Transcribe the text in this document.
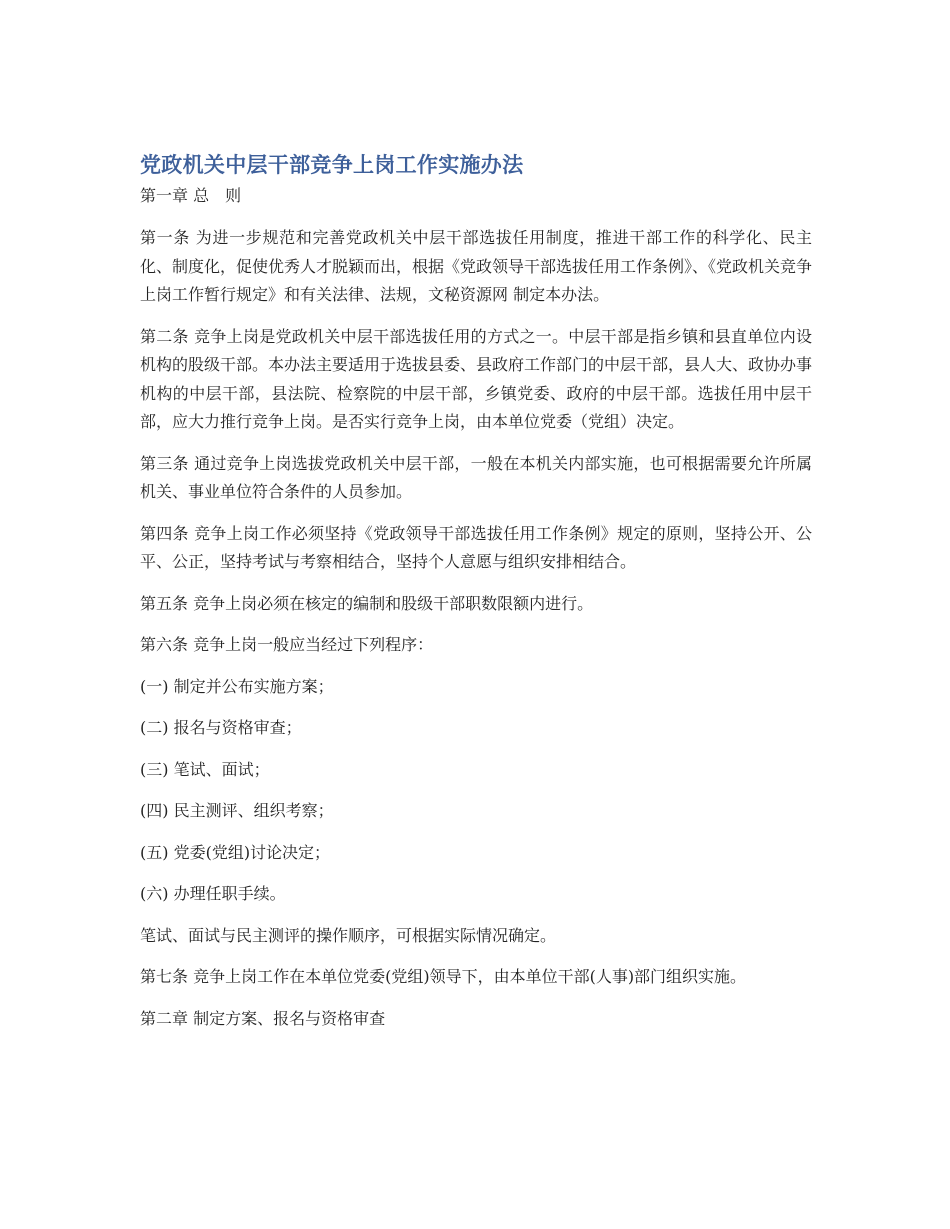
党政机关中层干部竞争上岗工作实施办法

第一章 总　则

第一条 为进一步规范和完善党政机关中层干部选拔任用制度，推进干部工作的科学化、民主化、制度化，促使优秀人才脱颖而出，根据《党政领导干部选拔任用工作条例》、《党政机关竞争上岗工作暂行规定》和有关法律、法规，文秘资源网 制定本办法。

第二条 竞争上岗是党政机关中层干部选拔任用的方式之一。中层干部是指乡镇和县直单位内设机构的股级干部。本办法主要适用于选拔县委、县政府工作部门的中层干部，县人大、政协办事机构的中层干部，县法院、检察院的中层干部，乡镇党委、政府的中层干部。选拔任用中层干部，应大力推行竞争上岗。是否实行竞争上岗，由本单位党委（党组）决定。

第三条 通过竞争上岗选拔党政机关中层干部，一般在本机关内部实施，也可根据需要允许所属机关、事业单位符合条件的人员参加。

第四条 竞争上岗工作必须坚持《党政领导干部选拔任用工作条例》规定的原则，坚持公开、公平、公正，坚持考试与考察相结合，坚持个人意愿与组织安排相结合。

第五条 竞争上岗必须在核定的编制和股级干部职数限额内进行。

第六条 竞争上岗一般应当经过下列程序：

(一) 制定并公布实施方案；

(二) 报名与资格审查；

(三) 笔试、面试；

(四) 民主测评、组织考察；

(五) 党委(党组)讨论决定；

(六) 办理任职手续。

笔试、面试与民主测评的操作顺序，可根据实际情况确定。

第七条 竞争上岗工作在本单位党委(党组)领导下，由本单位干部(人事)部门组织实施。

第二章 制定方案、报名与资格审查
